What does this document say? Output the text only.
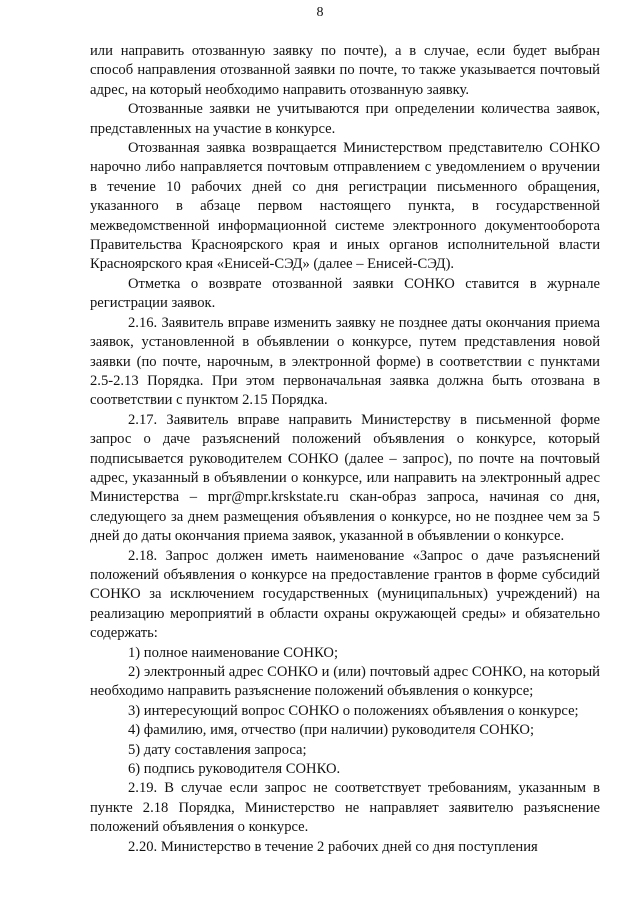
8

или направить отозванную заявку по почте), а в случае, если будет выбран способ направления отозванной заявки по почте, то также указывается почтовый адрес, на который необходимо направить отозванную заявку.

Отозванные заявки не учитываются при определении количества заявок, представленных на участие в конкурсе.

Отозванная заявка возвращается Министерством представителю СОНКО нарочно либо направляется почтовым отправлением с уведомлением о вручении в течение 10 рабочих дней со дня регистрации письменного обращения, указанного в абзаце первом настоящего пункта, в государственной межведомственной информационной системе электронного документооборота Правительства Красноярского края и иных органов исполнительной власти Красноярского края «Енисей-СЭД» (далее – Енисей-СЭД).

Отметка о возврате отозванной заявки СОНКО ставится в журнале регистрации заявок.

2.16. Заявитель вправе изменить заявку не позднее даты окончания приема заявок, установленной в объявлении о конкурсе, путем представления новой заявки (по почте, нарочным, в электронной форме) в соответствии с пунктами 2.5-2.13 Порядка. При этом первоначальная заявка должна быть отозвана в соответствии с пунктом 2.15 Порядка.

2.17. Заявитель вправе направить Министерству в письменной форме запрос о даче разъяснений положений объявления о конкурсе, который подписывается руководителем СОНКО (далее – запрос), по почте на почтовый адрес, указанный в объявлении о конкурсе, или направить на электронный адрес Министерства – mpr@mpr.krskstate.ru скан-образ запроса, начиная со дня, следующего за днем размещения объявления о конкурсе, но не позднее чем за 5 дней до даты окончания приема заявок, указанной в объявлении о конкурсе.

2.18. Запрос должен иметь наименование «Запрос о даче разъяснений положений объявления о конкурсе на предоставление грантов в форме субсидий СОНКО за исключением государственных (муниципальных) учреждений) на реализацию мероприятий в области охраны окружающей среды» и обязательно содержать:

1) полное наименование СОНКО;

2) электронный адрес СОНКО и (или) почтовый адрес СОНКО, на который необходимо направить разъяснение положений объявления о конкурсе;

3) интересующий вопрос СОНКО о положениях объявления о конкурсе;

4) фамилию, имя, отчество (при наличии) руководителя СОНКО;

5) дату составления запроса;

6) подпись руководителя СОНКО.

2.19. В случае если запрос не соответствует требованиям, указанным в пункте 2.18 Порядка, Министерство не направляет заявителю разъяснение положений объявления о конкурсе.

2.20. Министерство в течение 2 рабочих дней со дня поступления
